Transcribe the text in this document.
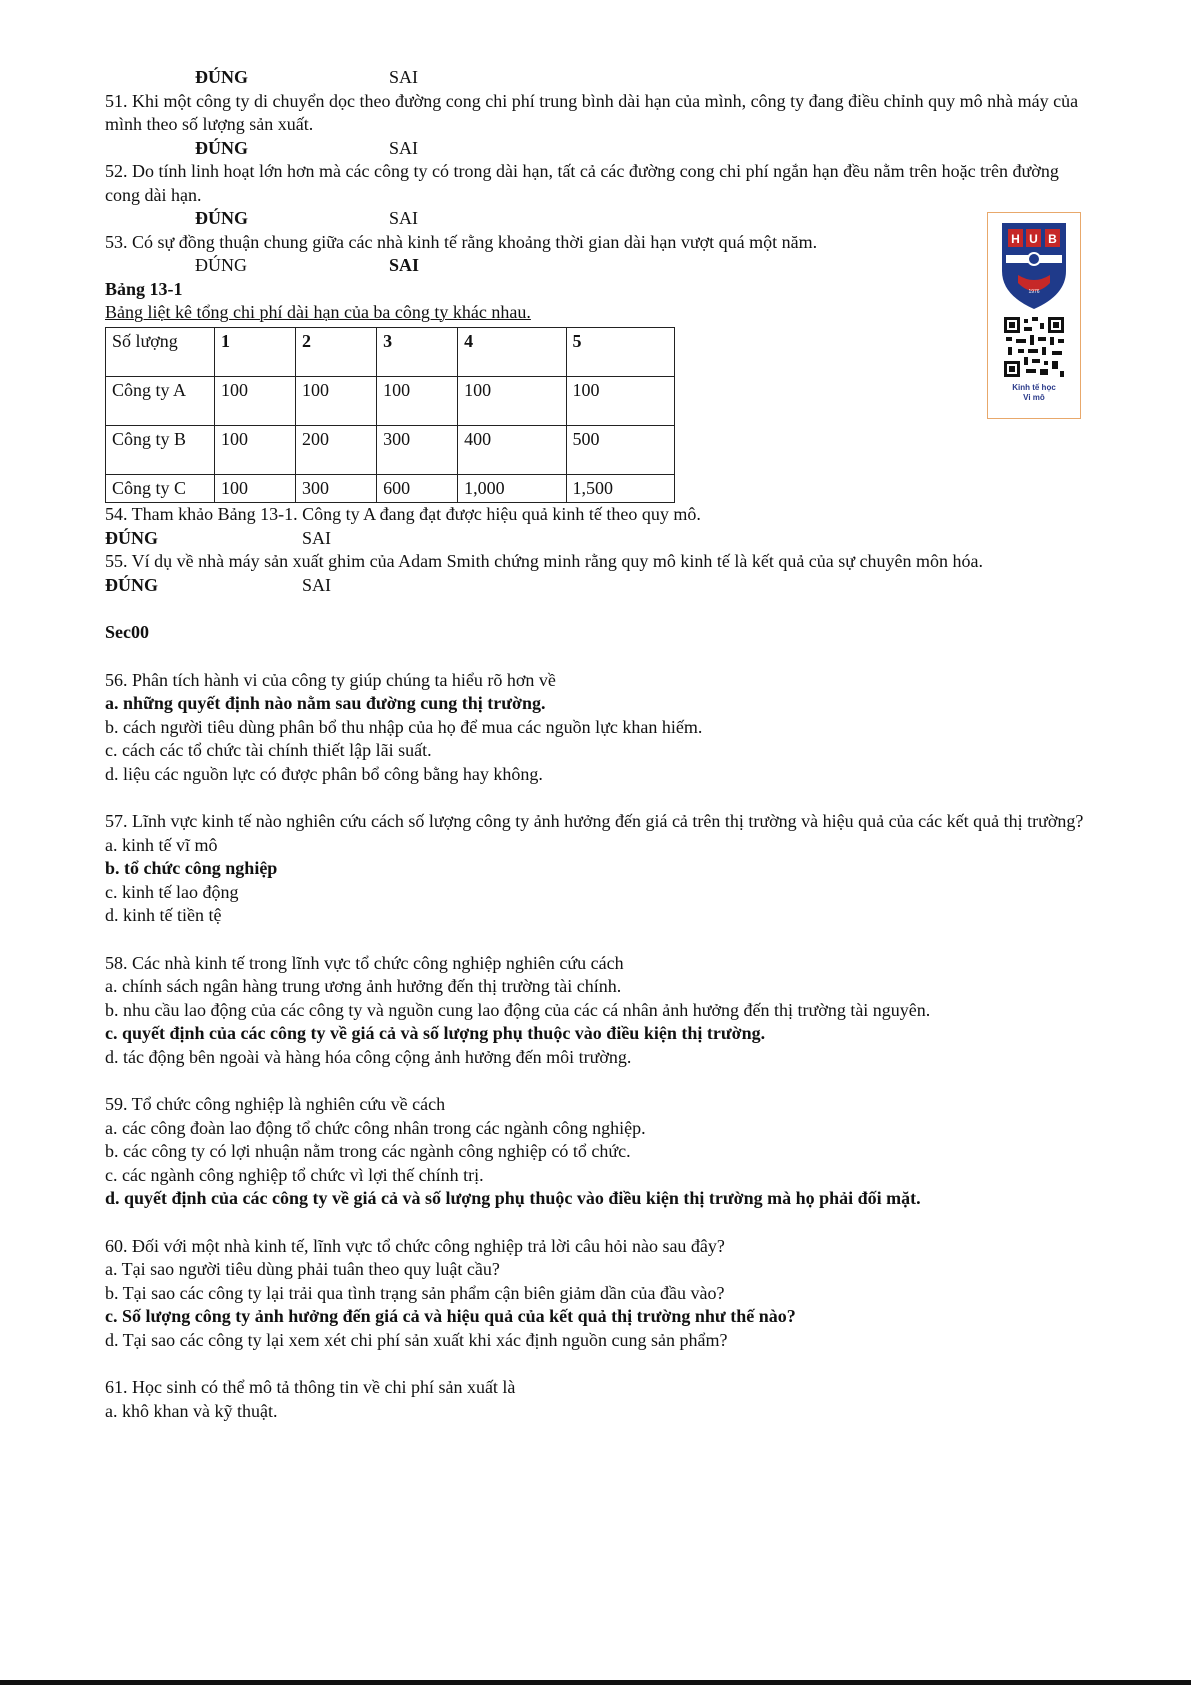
ĐÚNG	SAI
51. Khi một công ty di chuyển dọc theo đường cong chi phí trung bình dài hạn của mình, công ty đang điều chỉnh quy mô nhà máy của mình theo số lượng sản xuất.
ĐÚNG	SAI
52. Do tính linh hoạt lớn hơn mà các công ty có trong dài hạn, tất cả các đường cong chi phí ngắn hạn đều nằm trên hoặc trên đường cong dài hạn.
ĐÚNG	SAI
53. Có sự đồng thuận chung giữa các nhà kinh tế rằng khoảng thời gian dài hạn vượt quá một năm.
ĐÚNG	SAI
Bảng 13-1
Bảng liệt kê tổng chi phí dài hạn của ba công ty khác nhau.
Số lượng	1	2	3	4	5
Công ty A	100	100	100	100	100
Công ty B	100	200	300	400	500
Công ty C	100	300	600	1,000	1,500
54. Tham khảo Bảng 13-1. Công ty A đang đạt được hiệu quả kinh tế theo quy mô.
ĐÚNG	SAI
55. Ví dụ về nhà máy sản xuất ghim của Adam Smith chứng minh rằng quy mô kinh tế là kết quả của sự chuyên môn hóa.
ĐÚNG	SAI
Sec00
56. Phân tích hành vi của công ty giúp chúng ta hiểu rõ hơn về
a. những quyết định nào nằm sau đường cung thị trường.
b. cách người tiêu dùng phân bổ thu nhập của họ để mua các nguồn lực khan hiếm.
c. cách các tổ chức tài chính thiết lập lãi suất.
d. liệu các nguồn lực có được phân bổ công bằng hay không.
57. Lĩnh vực kinh tế nào nghiên cứu cách số lượng công ty ảnh hưởng đến giá cả trên thị trường và hiệu quả của các kết quả thị trường?
a. kinh tế vĩ mô
b. tổ chức công nghiệp
c. kinh tế lao động
d. kinh tế tiền tệ
58. Các nhà kinh tế trong lĩnh vực tổ chức công nghiệp nghiên cứu cách
a. chính sách ngân hàng trung ương ảnh hưởng đến thị trường tài chính.
b. nhu cầu lao động của các công ty và nguồn cung lao động của các cá nhân ảnh hưởng đến thị trường tài nguyên.
c. quyết định của các công ty về giá cả và số lượng phụ thuộc vào điều kiện thị trường.
d. tác động bên ngoài và hàng hóa công cộng ảnh hưởng đến môi trường.
59. Tổ chức công nghiệp là nghiên cứu về cách
a. các công đoàn lao động tổ chức công nhân trong các ngành công nghiệp.
b. các công ty có lợi nhuận nằm trong các ngành công nghiệp có tổ chức.
c. các ngành công nghiệp tổ chức vì lợi thế chính trị.
d. quyết định của các công ty về giá cả và số lượng phụ thuộc vào điều kiện thị trường mà họ phải đối mặt.
60. Đối với một nhà kinh tế, lĩnh vực tổ chức công nghiệp trả lời câu hỏi nào sau đây?
a. Tại sao người tiêu dùng phải tuân theo quy luật cầu?
b. Tại sao các công ty lại trải qua tình trạng sản phẩm cận biên giảm dần của đầu vào?
c. Số lượng công ty ảnh hưởng đến giá cả và hiệu quả của kết quả thị trường như thế nào?
d. Tại sao các công ty lại xem xét chi phí sản xuất khi xác định nguồn cung sản phẩm?
61. Học sinh có thể mô tả thông tin về chi phí sản xuất là
a. khô khan và kỹ thuật.
H U B
1976
Kinh tế học
Vi mô
